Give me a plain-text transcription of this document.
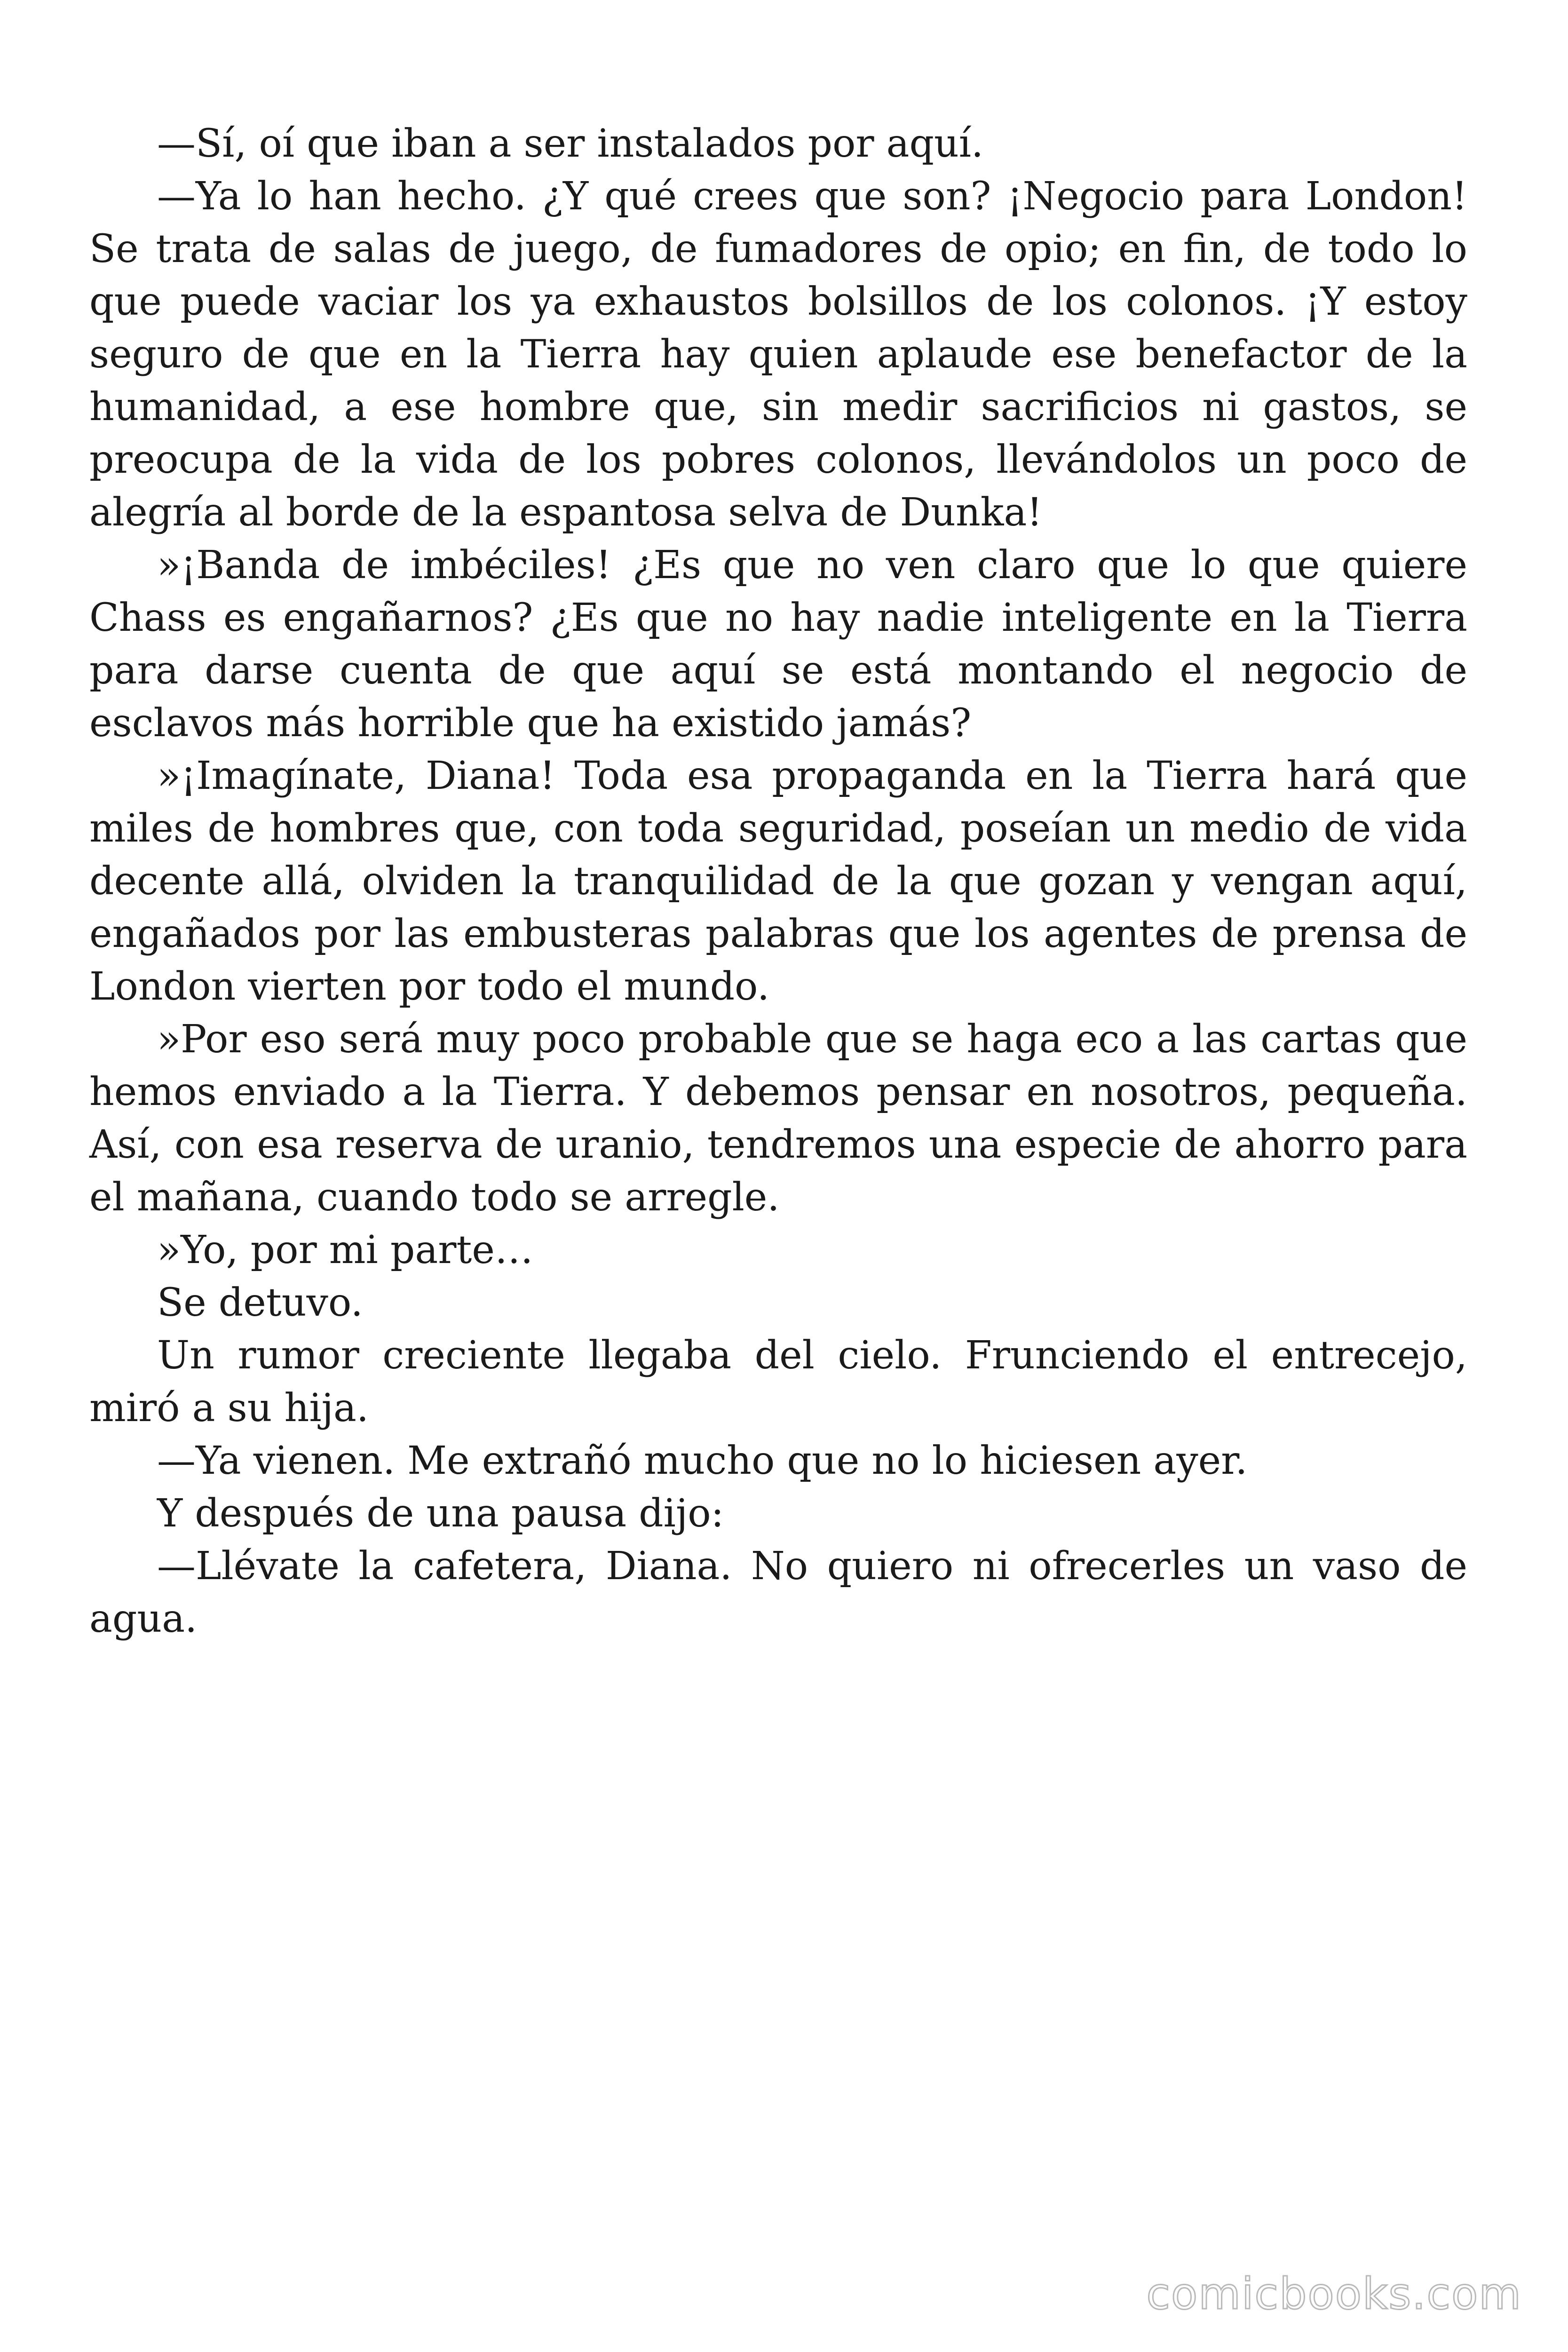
—Sí, oí que iban a ser instalados por aquí.

—Ya lo han hecho. ¿Y qué crees que son? ¡Negocio para London! Se trata de salas de juego, de fumadores de opio; en fin, de todo lo que puede vaciar los ya exhaustos bolsillos de los colonos. ¡Y estoy seguro de que en la Tierra hay quien aplaude ese benefactor de la humanidad, a ese hombre que, sin medir sacrificios ni gastos, se preocupa de la vida de los pobres colonos, llevándolos un poco de alegría al borde de la espantosa selva de Dunka!

»¡Banda de imbéciles! ¿Es que no ven claro que lo que quiere Chass es engañarnos? ¿Es que no hay nadie inteligente en la Tierra para darse cuenta de que aquí se está montando el negocio de esclavos más horrible que ha existido jamás?

»¡Imagínate, Diana! Toda esa propaganda en la Tierra hará que miles de hombres que, con toda seguridad, poseían un medio de vida decente allá, olviden la tranquilidad de la que gozan y vengan aquí, engañados por las embusteras palabras que los agentes de prensa de London vierten por todo el mundo.

»Por eso será muy poco probable que se haga eco a las cartas que hemos enviado a la Tierra. Y debemos pensar en nosotros, pequeña. Así, con esa reserva de uranio, tendremos una especie de ahorro para el mañana, cuando todo se arregle.

»Yo, por mi parte…

Se detuvo.

Un rumor creciente llegaba del cielo. Frunciendo el entrecejo, miró a su hija.

—Ya vienen. Me extrañó mucho que no lo hiciesen ayer.

Y después de una pausa dijo:

—Llévate la cafetera, Diana. No quiero ni ofrecerles un vaso de agua.

comicbooks.com
